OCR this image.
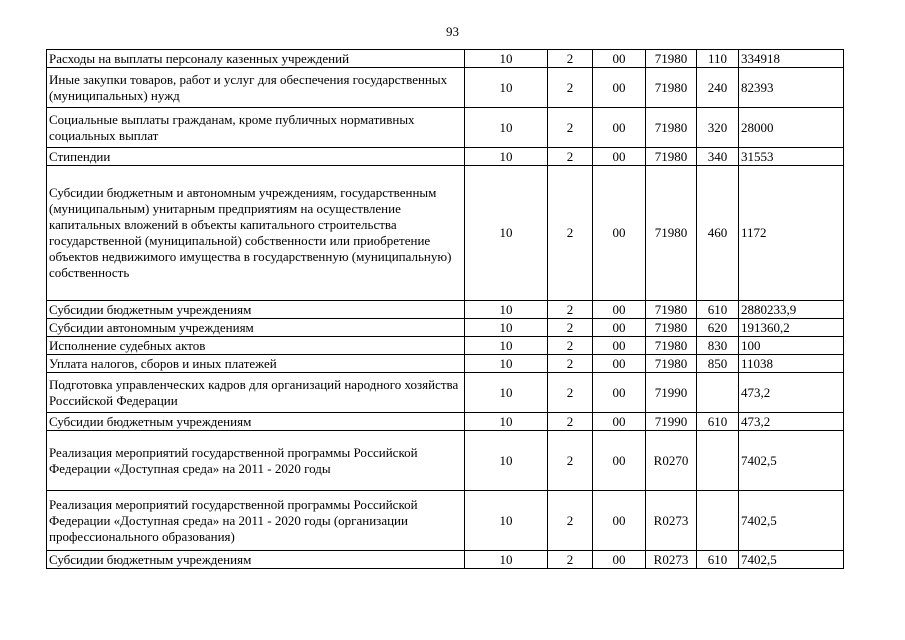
93
Расходы на выплаты персоналу казенных учреждений	10	2	00	71980	110	334918
Иные закупки товаров, работ и услуг для обеспечения государственных (муниципальных) нужд	10	2	00	71980	240	82393
Социальные выплаты гражданам, кроме публичных нормативных социальных выплат	10	2	00	71980	320	28000
Стипендии	10	2	00	71980	340	31553
Субсидии бюджетным и автономным учреждениям, государственным (муниципальным) унитарным предприятиям на осуществление капитальных вложений в объекты капитального строительства государственной (муниципальной) собственности или приобретение объектов недвижимого имущества в государственную (муниципальную) собственность	10	2	00	71980	460	1172
Субсидии бюджетным учреждениям	10	2	00	71980	610	2880233,9
Субсидии автономным учреждениям	10	2	00	71980	620	191360,2
Исполнение судебных актов	10	2	00	71980	830	100
Уплата налогов, сборов и иных платежей	10	2	00	71980	850	11038
Подготовка управленческих кадров для организаций народного хозяйства Российской Федерации	10	2	00	71990		473,2
Субсидии бюджетным учреждениям	10	2	00	71990	610	473,2
Реализация мероприятий государственной программы Российской Федерации «Доступная среда» на 2011 - 2020 годы	10	2	00	R0270		7402,5
Реализация мероприятий государственной программы Российской Федерации «Доступная среда» на 2011 - 2020 годы (организации профессионального образования)	10	2	00	R0273		7402,5
Субсидии бюджетным учреждениям	10	2	00	R0273	610	7402,5
